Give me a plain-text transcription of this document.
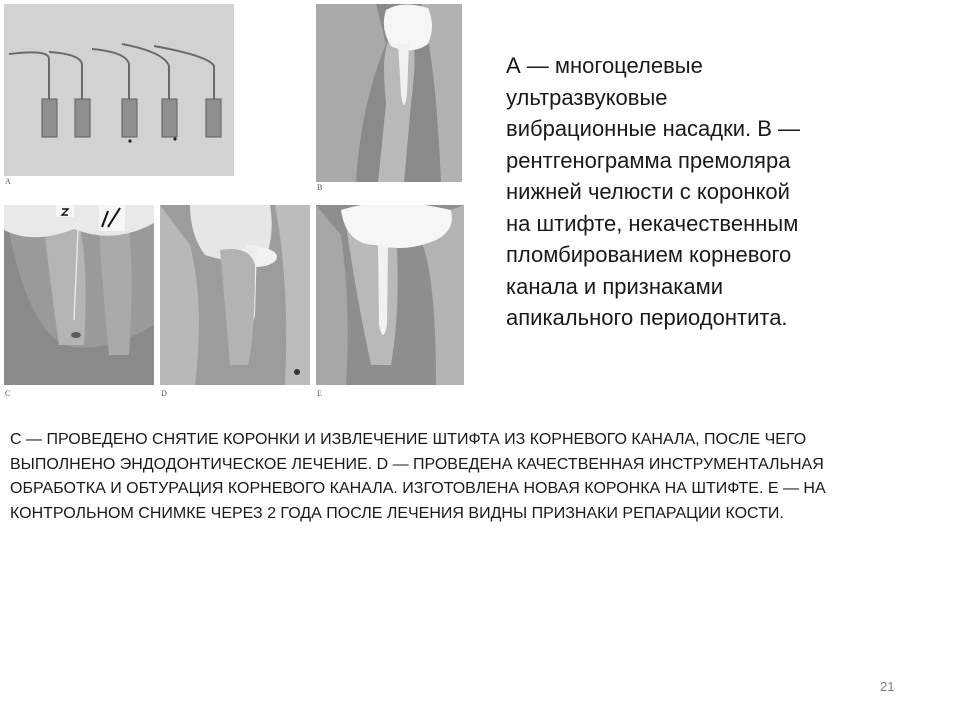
A
B
C	D	E
А — многоцелевые ультразвуковые вибрационные насадки. В — рентгенограмма премоляра нижней челюсти с коронкой на штифте, некачественным пломбированием корневого канала и признаками апикального периодонтита.
С — ПРОВЕДЕНО СНЯТИЕ КОРОНКИ И ИЗВЛЕЧЕНИЕ ШТИФТА ИЗ КОРНЕВОГО КАНАЛА, ПОСЛЕ ЧЕГО ВЫПОЛНЕНО ЭНДОДОНТИЧЕСКОЕ ЛЕЧЕНИЕ. D — ПРОВЕДЕНА КАЧЕСТВЕННАЯ ИНСТРУМЕНТАЛЬНАЯ ОБРАБОТКА И ОБТУРАЦИЯ КОРНЕВОГО КАНАЛА. ИЗГОТОВЛЕНА НОВАЯ КОРОНКА НА ШТИФТЕ. E — НА КОНТРОЛЬНОМ СНИМКЕ ЧЕРЕЗ 2 ГОДА ПОСЛЕ ЛЕЧЕНИЯ ВИДНЫ ПРИЗНАКИ РЕПАРАЦИИ КОСТИ.
21
